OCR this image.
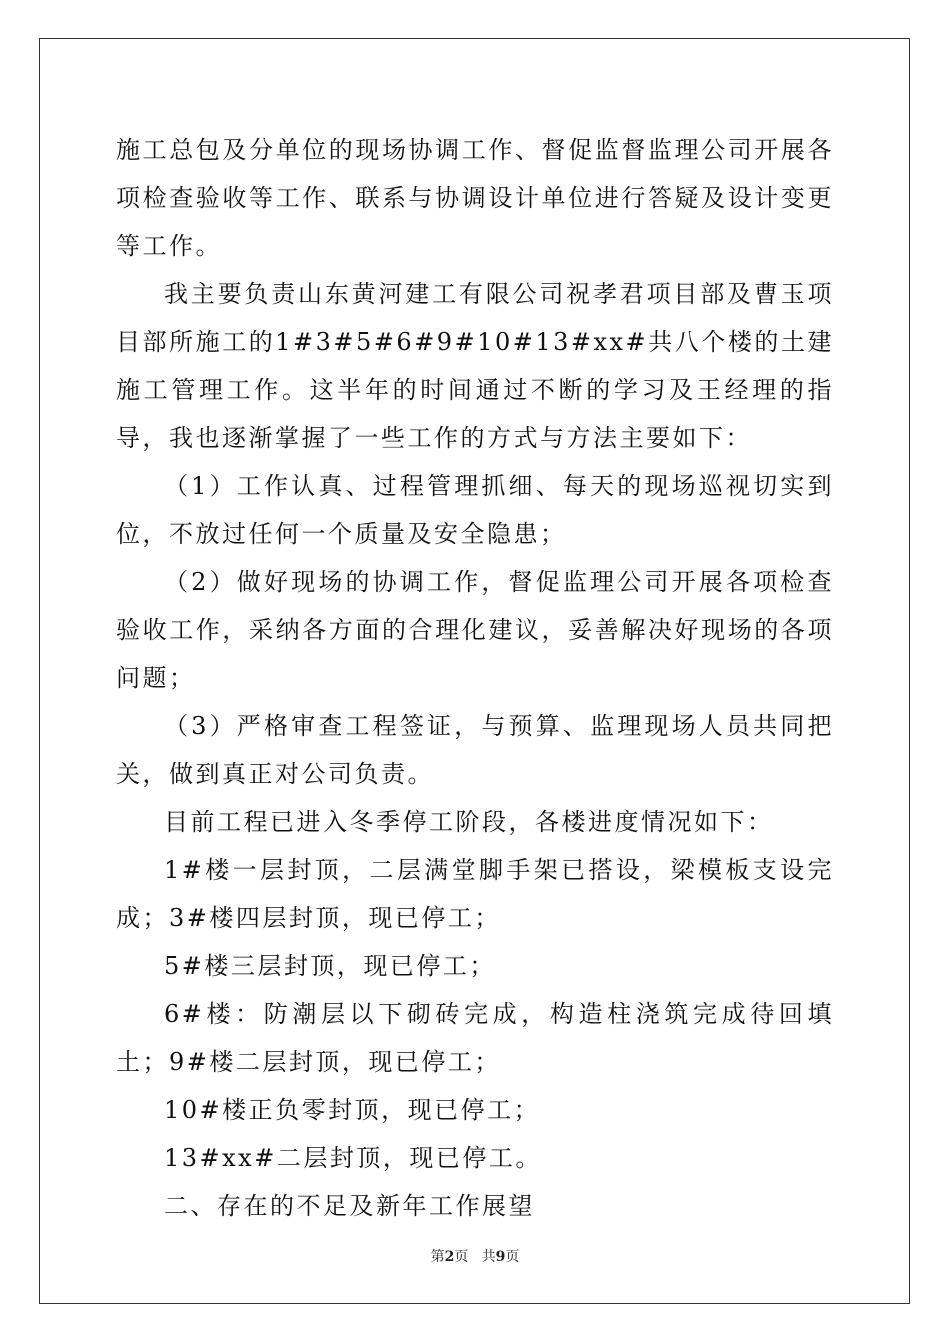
施工总包及分单位的现场协调工作、督促监督监理公司开展各项检查验收等工作、联系与协调设计单位进行答疑及设计变更等工作。

我主要负责山东黄河建工有限公司祝孝君项目部及曹玉项目部所施工的1#3#5#6#9#10#13#xx#共八个楼的土建施工管理工作。这半年的时间通过不断的学习及王经理的指导，我也逐渐掌握了一些工作的方式与方法主要如下：

（1）工作认真、过程管理抓细、每天的现场巡视切实到位，不放过任何一个质量及安全隐患；

（2）做好现场的协调工作，督促监理公司开展各项检查验收工作，采纳各方面的合理化建议，妥善解决好现场的各项问题；

（3）严格审查工程签证，与预算、监理现场人员共同把关，做到真正对公司负责。

目前工程已进入冬季停工阶段，各楼进度情况如下：

1#楼一层封顶，二层满堂脚手架已搭设，梁模板支设完成；3#楼四层封顶，现已停工；

5#楼三层封顶，现已停工；

6#楼：防潮层以下砌砖完成，构造柱浇筑完成待回填土；9#楼二层封顶，现已停工；

10#楼正负零封顶，现已停工；

13#xx#二层封顶，现已停工。

二、存在的不足及新年工作展望

第2页 共9页
